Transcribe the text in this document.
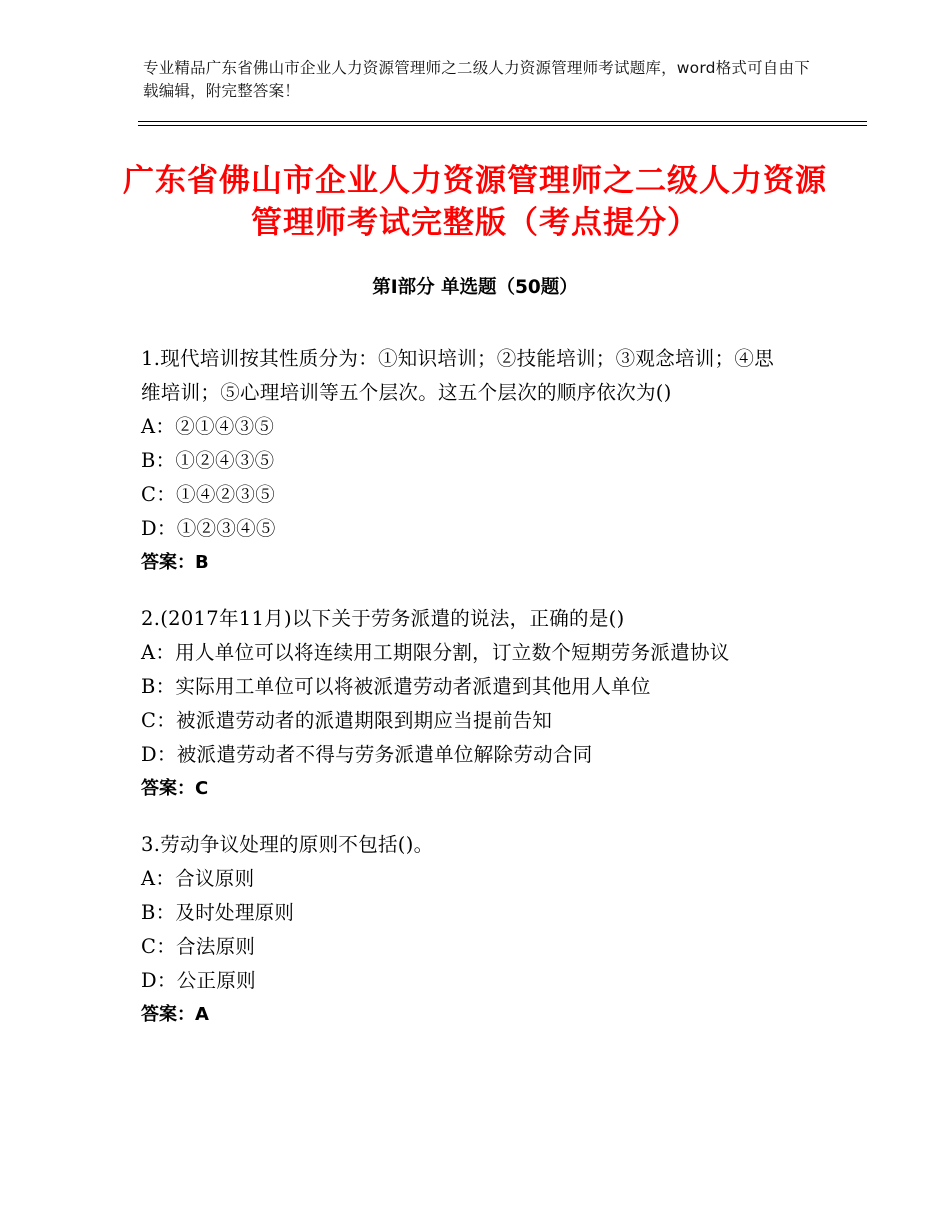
专业精品广东省佛山市企业人力资源管理师之二级人力资源管理师考试题库，word格式可自由下载编辑，附完整答案！
广东省佛山市企业人力资源管理师之二级人力资源管理师考试完整版（考点提分）
第Ⅰ部分 单选题（50题）
1.现代培训按其性质分为：①知识培训；②技能培训；③观念培训；④思维培训；⑤心理培训等五个层次。这五个层次的顺序依次为()
A：②①④③⑤
B：①②④③⑤
C：①④②③⑤
D：①②③④⑤
答案：B
2.(2017年11月)以下关于劳务派遣的说法，正确的是()
A：用人单位可以将连续用工期限分割，订立数个短期劳务派遣协议
B：实际用工单位可以将被派遣劳动者派遣到其他用人单位
C：被派遣劳动者的派遣期限到期应当提前告知
D：被派遣劳动者不得与劳务派遣单位解除劳动合同
答案：C
3.劳动争议处理的原则不包括()。
A：合议原则
B：及时处理原则
C：合法原则
D：公正原则
答案：A
